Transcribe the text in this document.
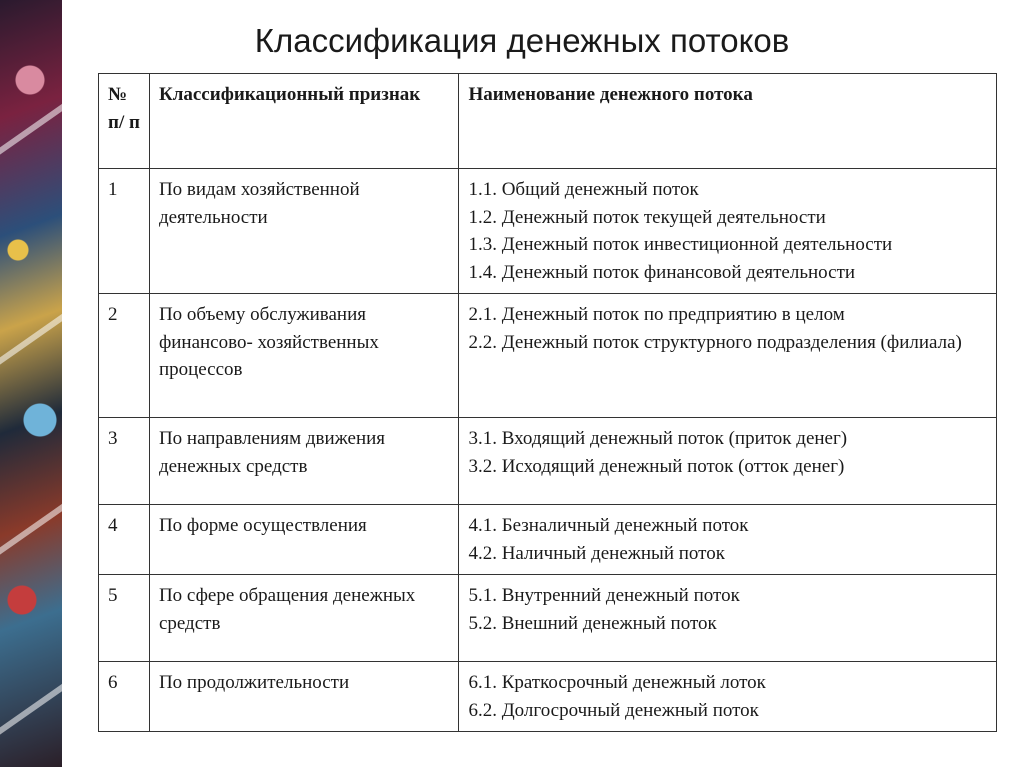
Классификация денежных потоков
№ п/ п	Классификационный признак	Наименование денежного потока
1	По видам хозяйственной деятельности	1.1. Общий денежный поток
1.2. Денежный поток текущей деятельности
1.3. Денежный поток инвестиционной деятельности
1.4. Денежный поток финансовой деятельности

2	По объему обслуживания финансово- хозяйственных процессов	2.1. Денежный поток по предприятию в целом
2.2. Денежный поток структурного подразделения (филиала)
3	По направлениям движения денежных средств	3.1. Входящий денежный поток (приток денег)
3.2. Исходящий денежный поток (отток денег)

4	По форме осуществления	4.1. Безналичный денежный поток
4.2. Наличный денежный поток

5	По сфере обращения денежных средств	5.1. Внутренний денежный поток
5.2. Внешний денежный поток

6	По продолжительности	6.1. Краткосрочный денежный лоток
6.2. Долгосрочный денежный поток
